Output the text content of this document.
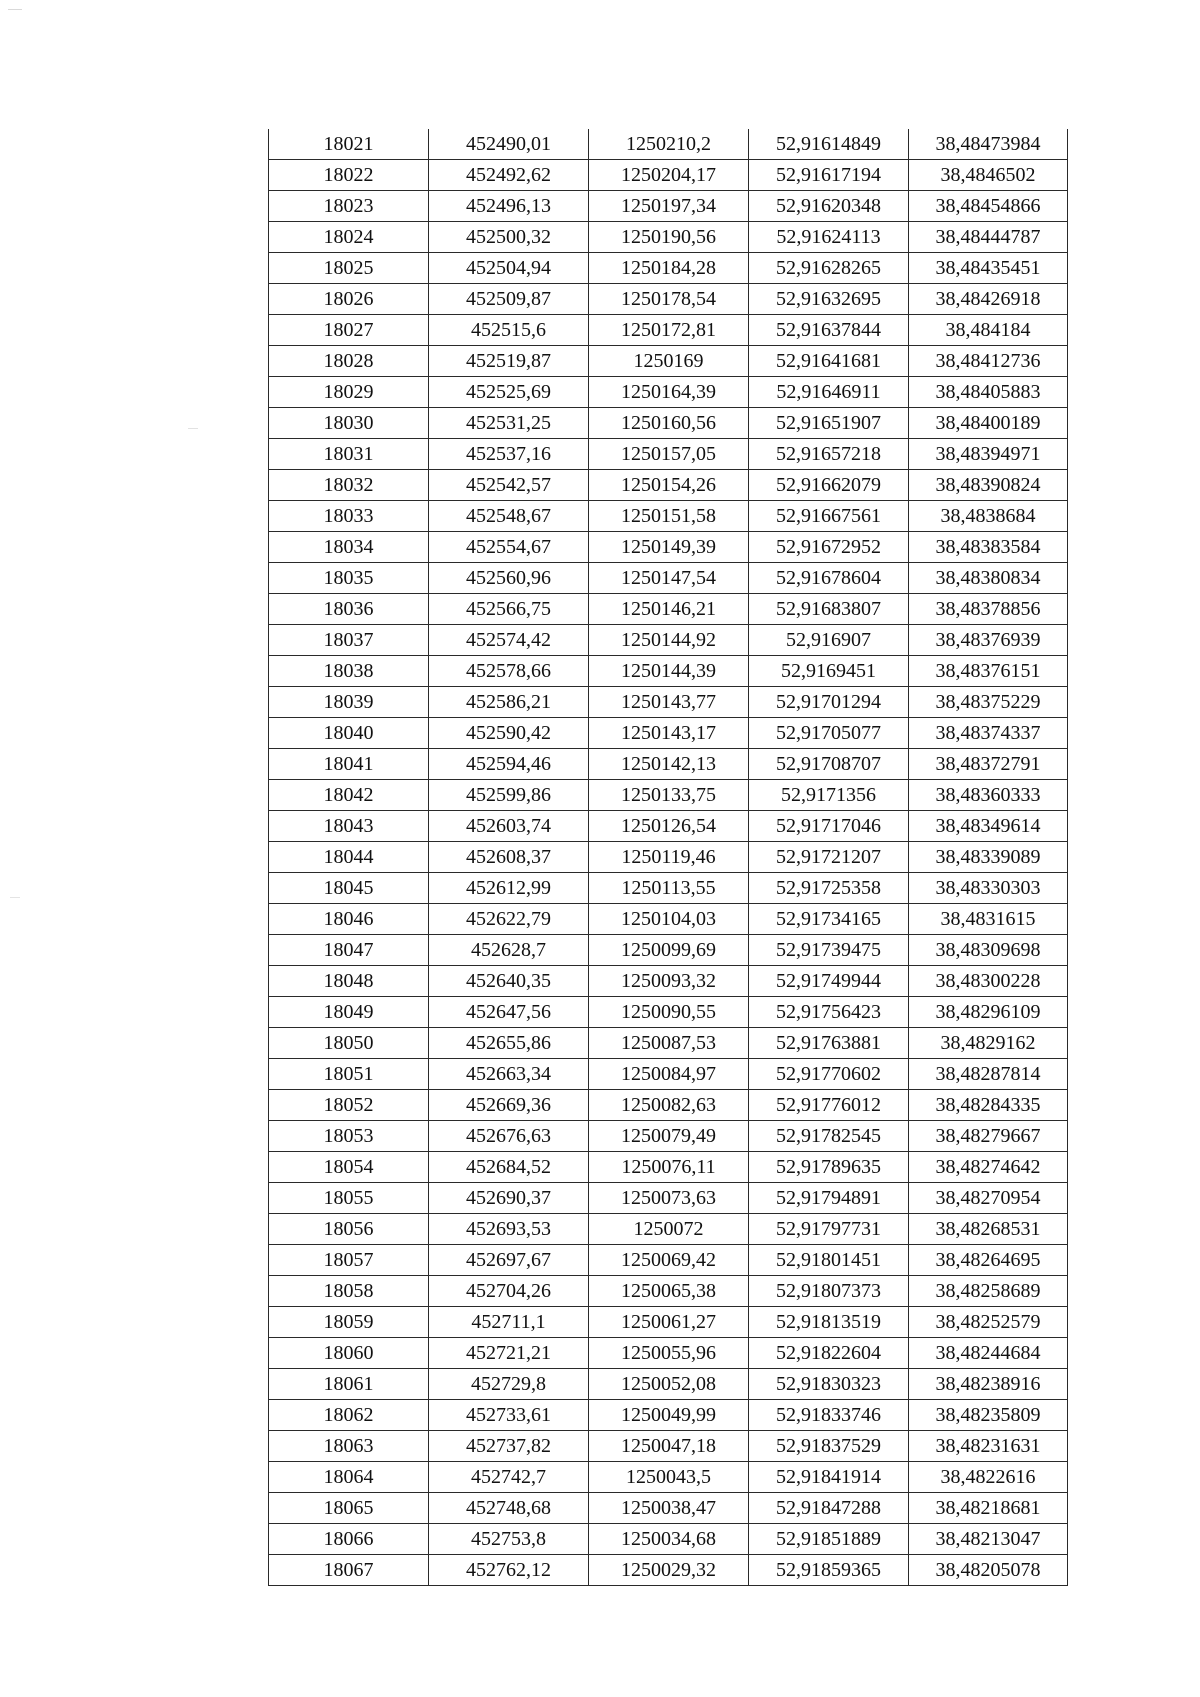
18021	452490,01	1250210,2	52,91614849	38,48473984
18022	452492,62	1250204,17	52,91617194	38,4846502
18023	452496,13	1250197,34	52,91620348	38,48454866
18024	452500,32	1250190,56	52,91624113	38,48444787
18025	452504,94	1250184,28	52,91628265	38,48435451
18026	452509,87	1250178,54	52,91632695	38,48426918
18027	452515,6	1250172,81	52,91637844	38,484184
18028	452519,87	1250169	52,91641681	38,48412736
18029	452525,69	1250164,39	52,91646911	38,48405883
18030	452531,25	1250160,56	52,91651907	38,48400189
18031	452537,16	1250157,05	52,91657218	38,48394971
18032	452542,57	1250154,26	52,91662079	38,48390824
18033	452548,67	1250151,58	52,91667561	38,4838684
18034	452554,67	1250149,39	52,91672952	38,48383584
18035	452560,96	1250147,54	52,91678604	38,48380834
18036	452566,75	1250146,21	52,91683807	38,48378856
18037	452574,42	1250144,92	52,916907	38,48376939
18038	452578,66	1250144,39	52,9169451	38,48376151
18039	452586,21	1250143,77	52,91701294	38,48375229
18040	452590,42	1250143,17	52,91705077	38,48374337
18041	452594,46	1250142,13	52,91708707	38,48372791
18042	452599,86	1250133,75	52,9171356	38,48360333
18043	452603,74	1250126,54	52,91717046	38,48349614
18044	452608,37	1250119,46	52,91721207	38,48339089
18045	452612,99	1250113,55	52,91725358	38,48330303
18046	452622,79	1250104,03	52,91734165	38,4831615
18047	452628,7	1250099,69	52,91739475	38,48309698
18048	452640,35	1250093,32	52,91749944	38,48300228
18049	452647,56	1250090,55	52,91756423	38,48296109
18050	452655,86	1250087,53	52,91763881	38,4829162
18051	452663,34	1250084,97	52,91770602	38,48287814
18052	452669,36	1250082,63	52,91776012	38,48284335
18053	452676,63	1250079,49	52,91782545	38,48279667
18054	452684,52	1250076,11	52,91789635	38,48274642
18055	452690,37	1250073,63	52,91794891	38,48270954
18056	452693,53	1250072	52,91797731	38,48268531
18057	452697,67	1250069,42	52,91801451	38,48264695
18058	452704,26	1250065,38	52,91807373	38,48258689
18059	452711,1	1250061,27	52,91813519	38,48252579
18060	452721,21	1250055,96	52,91822604	38,48244684
18061	452729,8	1250052,08	52,91830323	38,48238916
18062	452733,61	1250049,99	52,91833746	38,48235809
18063	452737,82	1250047,18	52,91837529	38,48231631
18064	452742,7	1250043,5	52,91841914	38,4822616
18065	452748,68	1250038,47	52,91847288	38,48218681
18066	452753,8	1250034,68	52,91851889	38,48213047
18067	452762,12	1250029,32	52,91859365	38,48205078
